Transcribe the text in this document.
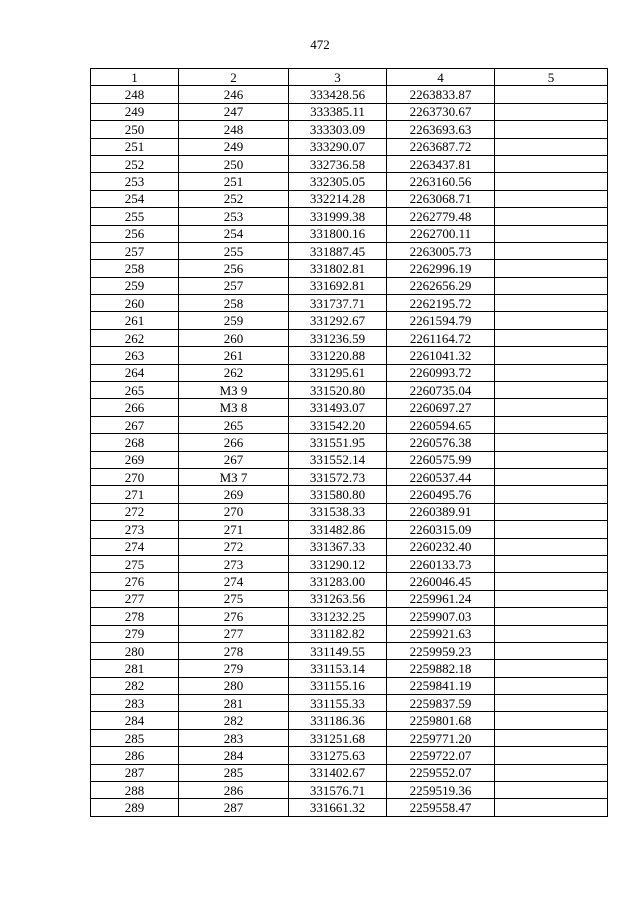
472
1	2	3	4	5
248	246	333428.56	2263833.87	
249	247	333385.11	2263730.67	
250	248	333303.09	2263693.63	
251	249	333290.07	2263687.72	
252	250	332736.58	2263437.81	
253	251	332305.05	2263160.56	
254	252	332214.28	2263068.71	
255	253	331999.38	2262779.48	
256	254	331800.16	2262700.11	
257	255	331887.45	2263005.73	
258	256	331802.81	2262996.19	
259	257	331692.81	2262656.29	
260	258	331737.71	2262195.72	
261	259	331292.67	2261594.79	
262	260	331236.59	2261164.72	
263	261	331220.88	2261041.32	
264	262	331295.61	2260993.72	
265	МЗ 9	331520.80	2260735.04	
266	МЗ 8	331493.07	2260697.27	
267	265	331542.20	2260594.65	
268	266	331551.95	2260576.38	
269	267	331552.14	2260575.99	
270	МЗ 7	331572.73	2260537.44	
271	269	331580.80	2260495.76	
272	270	331538.33	2260389.91	
273	271	331482.86	2260315.09	
274	272	331367.33	2260232.40	
275	273	331290.12	2260133.73	
276	274	331283.00	2260046.45	
277	275	331263.56	2259961.24	
278	276	331232.25	2259907.03	
279	277	331182.82	2259921.63	
280	278	331149.55	2259959.23	
281	279	331153.14	2259882.18	
282	280	331155.16	2259841.19	
283	281	331155.33	2259837.59	
284	282	331186.36	2259801.68	
285	283	331251.68	2259771.20	
286	284	331275.63	2259722.07	
287	285	331402.67	2259552.07	
288	286	331576.71	2259519.36	
289	287	331661.32	2259558.47	
